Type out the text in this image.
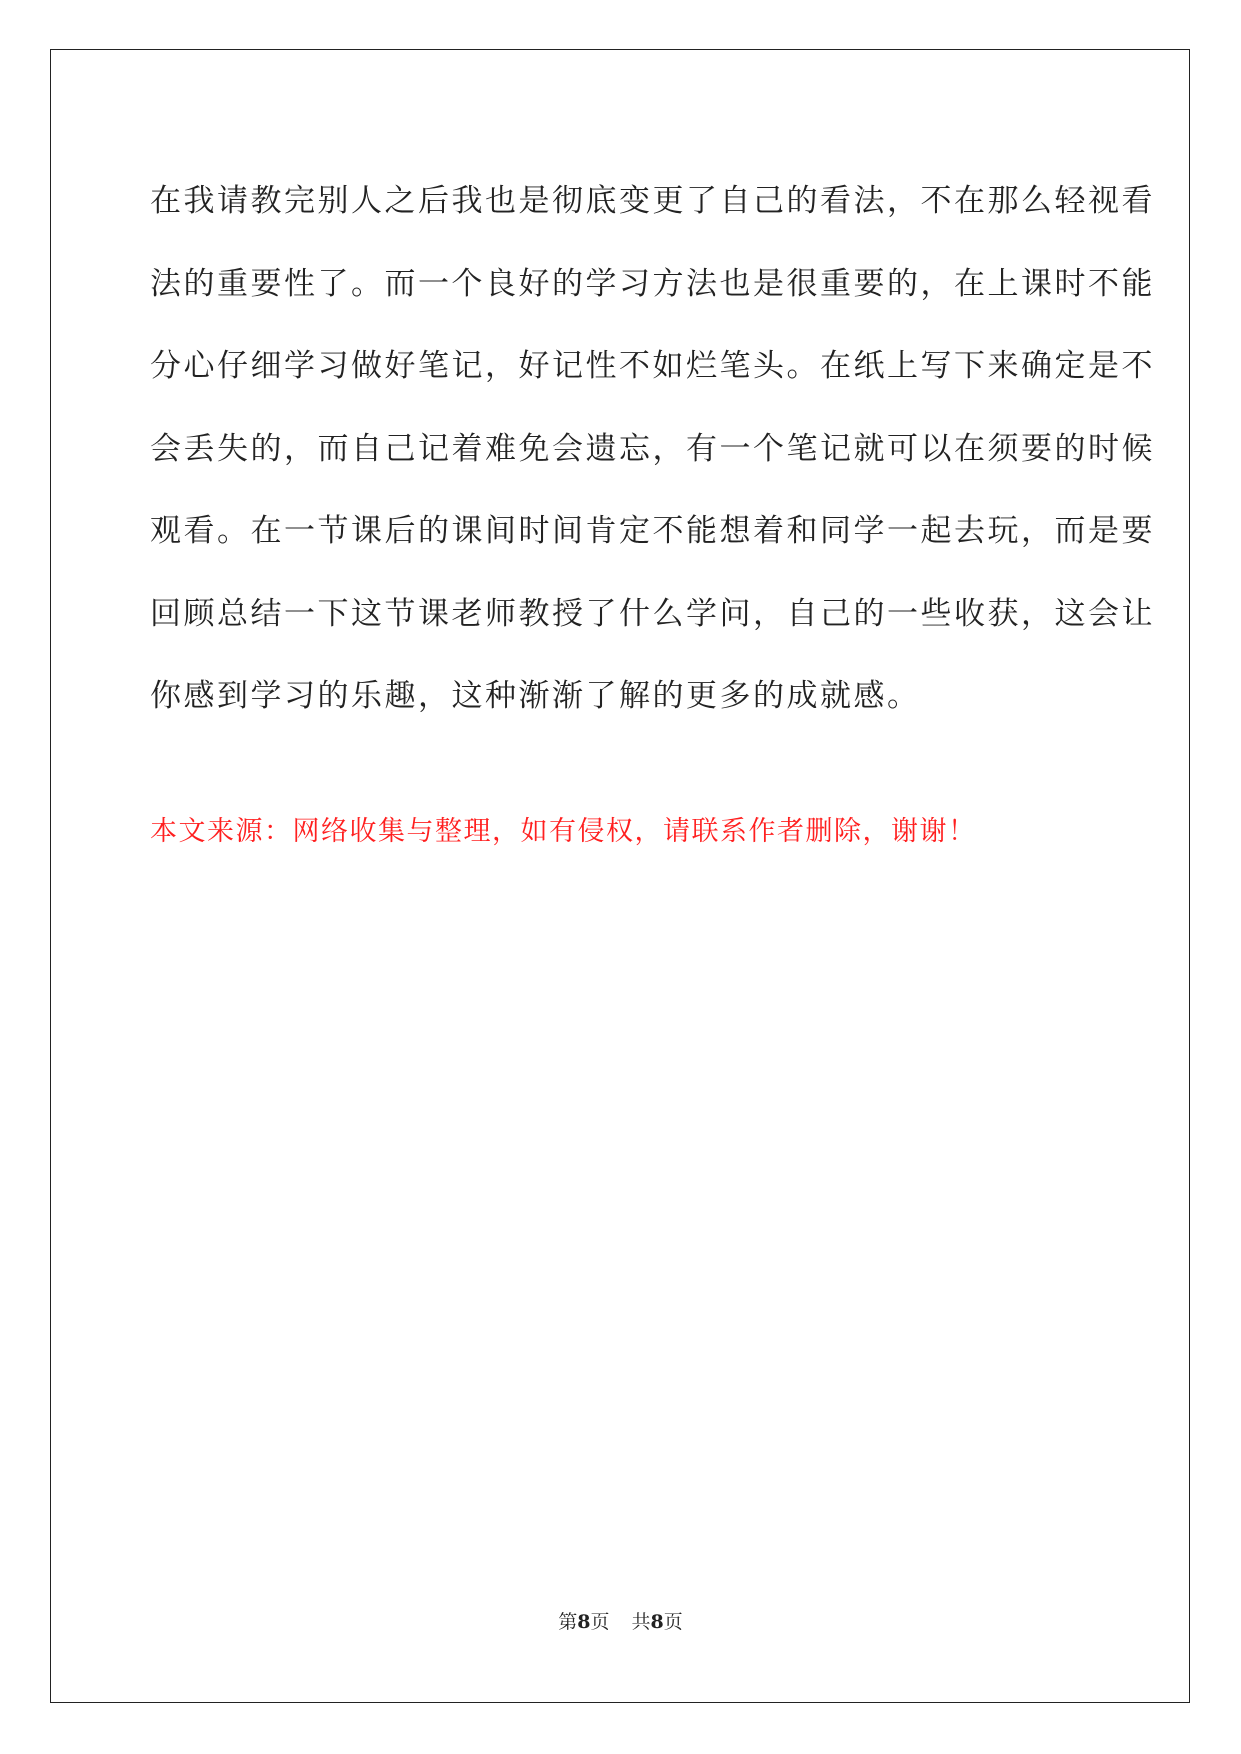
在我请教完别人之后我也是彻底变更了自己的看法，不在那么轻视看
法的重要性了。而一个良好的学习方法也是很重要的，在上课时不能
分心仔细学习做好笔记，好记性不如烂笔头。在纸上写下来确定是不
会丢失的，而自己记着难免会遗忘，有一个笔记就可以在须要的时候
观看。在一节课后的课间时间肯定不能想着和同学一起去玩，而是要
回顾总结一下这节课老师教授了什么学问，自己的一些收获，这会让
你感到学习的乐趣，这种渐渐了解的更多的成就感。

本文来源：网络收集与整理，如有侵权，请联系作者删除，谢谢！

第8页 共8页
